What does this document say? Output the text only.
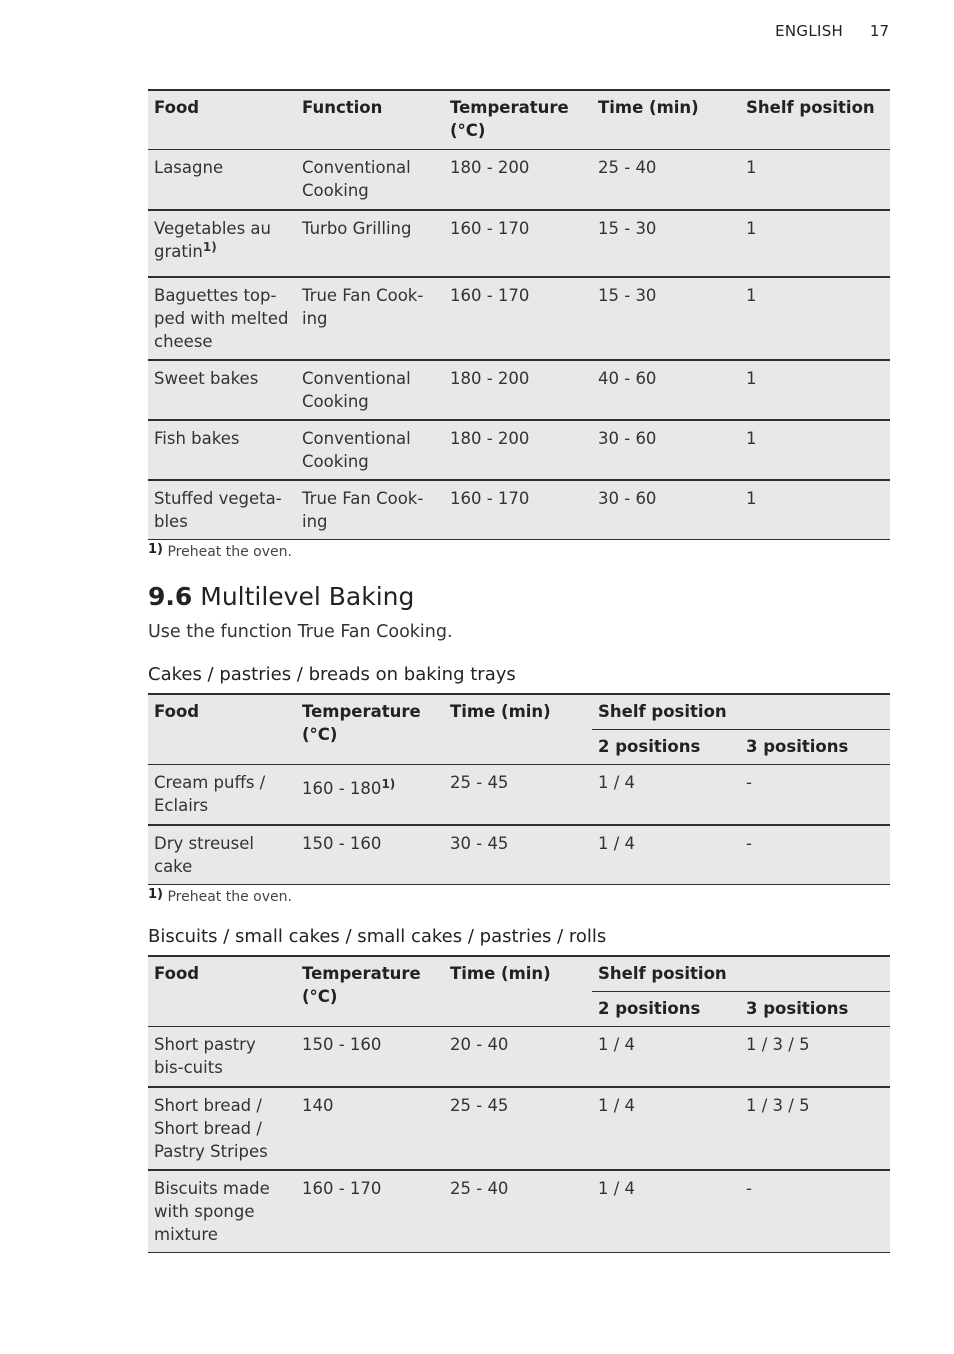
ENGLISH 17
Food	Function	Temperature (°C)	Time (min)	Shelf position
Lasagne	Conventional Cooking	180 - 200	25 - 40	1
Vegetables au gratin$^{1)}$	Turbo Grilling	160 - 170	15 - 30	1
Baguettes top-ped with melted cheese	True Fan Cook-ing	160 - 170	15 - 30	1
Sweet bakes	Conventional Cooking	180 - 200	40 - 60	1
Fish bakes	Conventional Cooking	180 - 200	30 - 60	1
Stuffed vegeta-bles	True Fan Cook-ing	160 - 170	30 - 60	1
1) Preheat the oven.
9.6 Multilevel Baking
Use the function True Fan Cooking.
Cakes / pastries / breads on baking trays
Food	Temperature (°C)	Time (min)	Shelf position	
			2 positions	3 positions
Cream puffs / Eclairs	160 - 180$^{1)}$	25 - 45	1 / 4	-
Dry streusel cake	150 - 160	30 - 45	1 / 4	-
1) Preheat the oven.
Biscuits / small cakes / small cakes / pastries / rolls
Food	Temperature (°C)	Time (min)	Shelf position	
			2 positions	3 positions
Short pastry bis-cuits	150 - 160	20 - 40	1 / 4	1 / 3 / 5
Short bread / Short bread / Pastry Stripes	140	25 - 45	1 / 4	1 / 3 / 5
Biscuits made with sponge mixture	160 - 170	25 - 40	1 / 4	-
